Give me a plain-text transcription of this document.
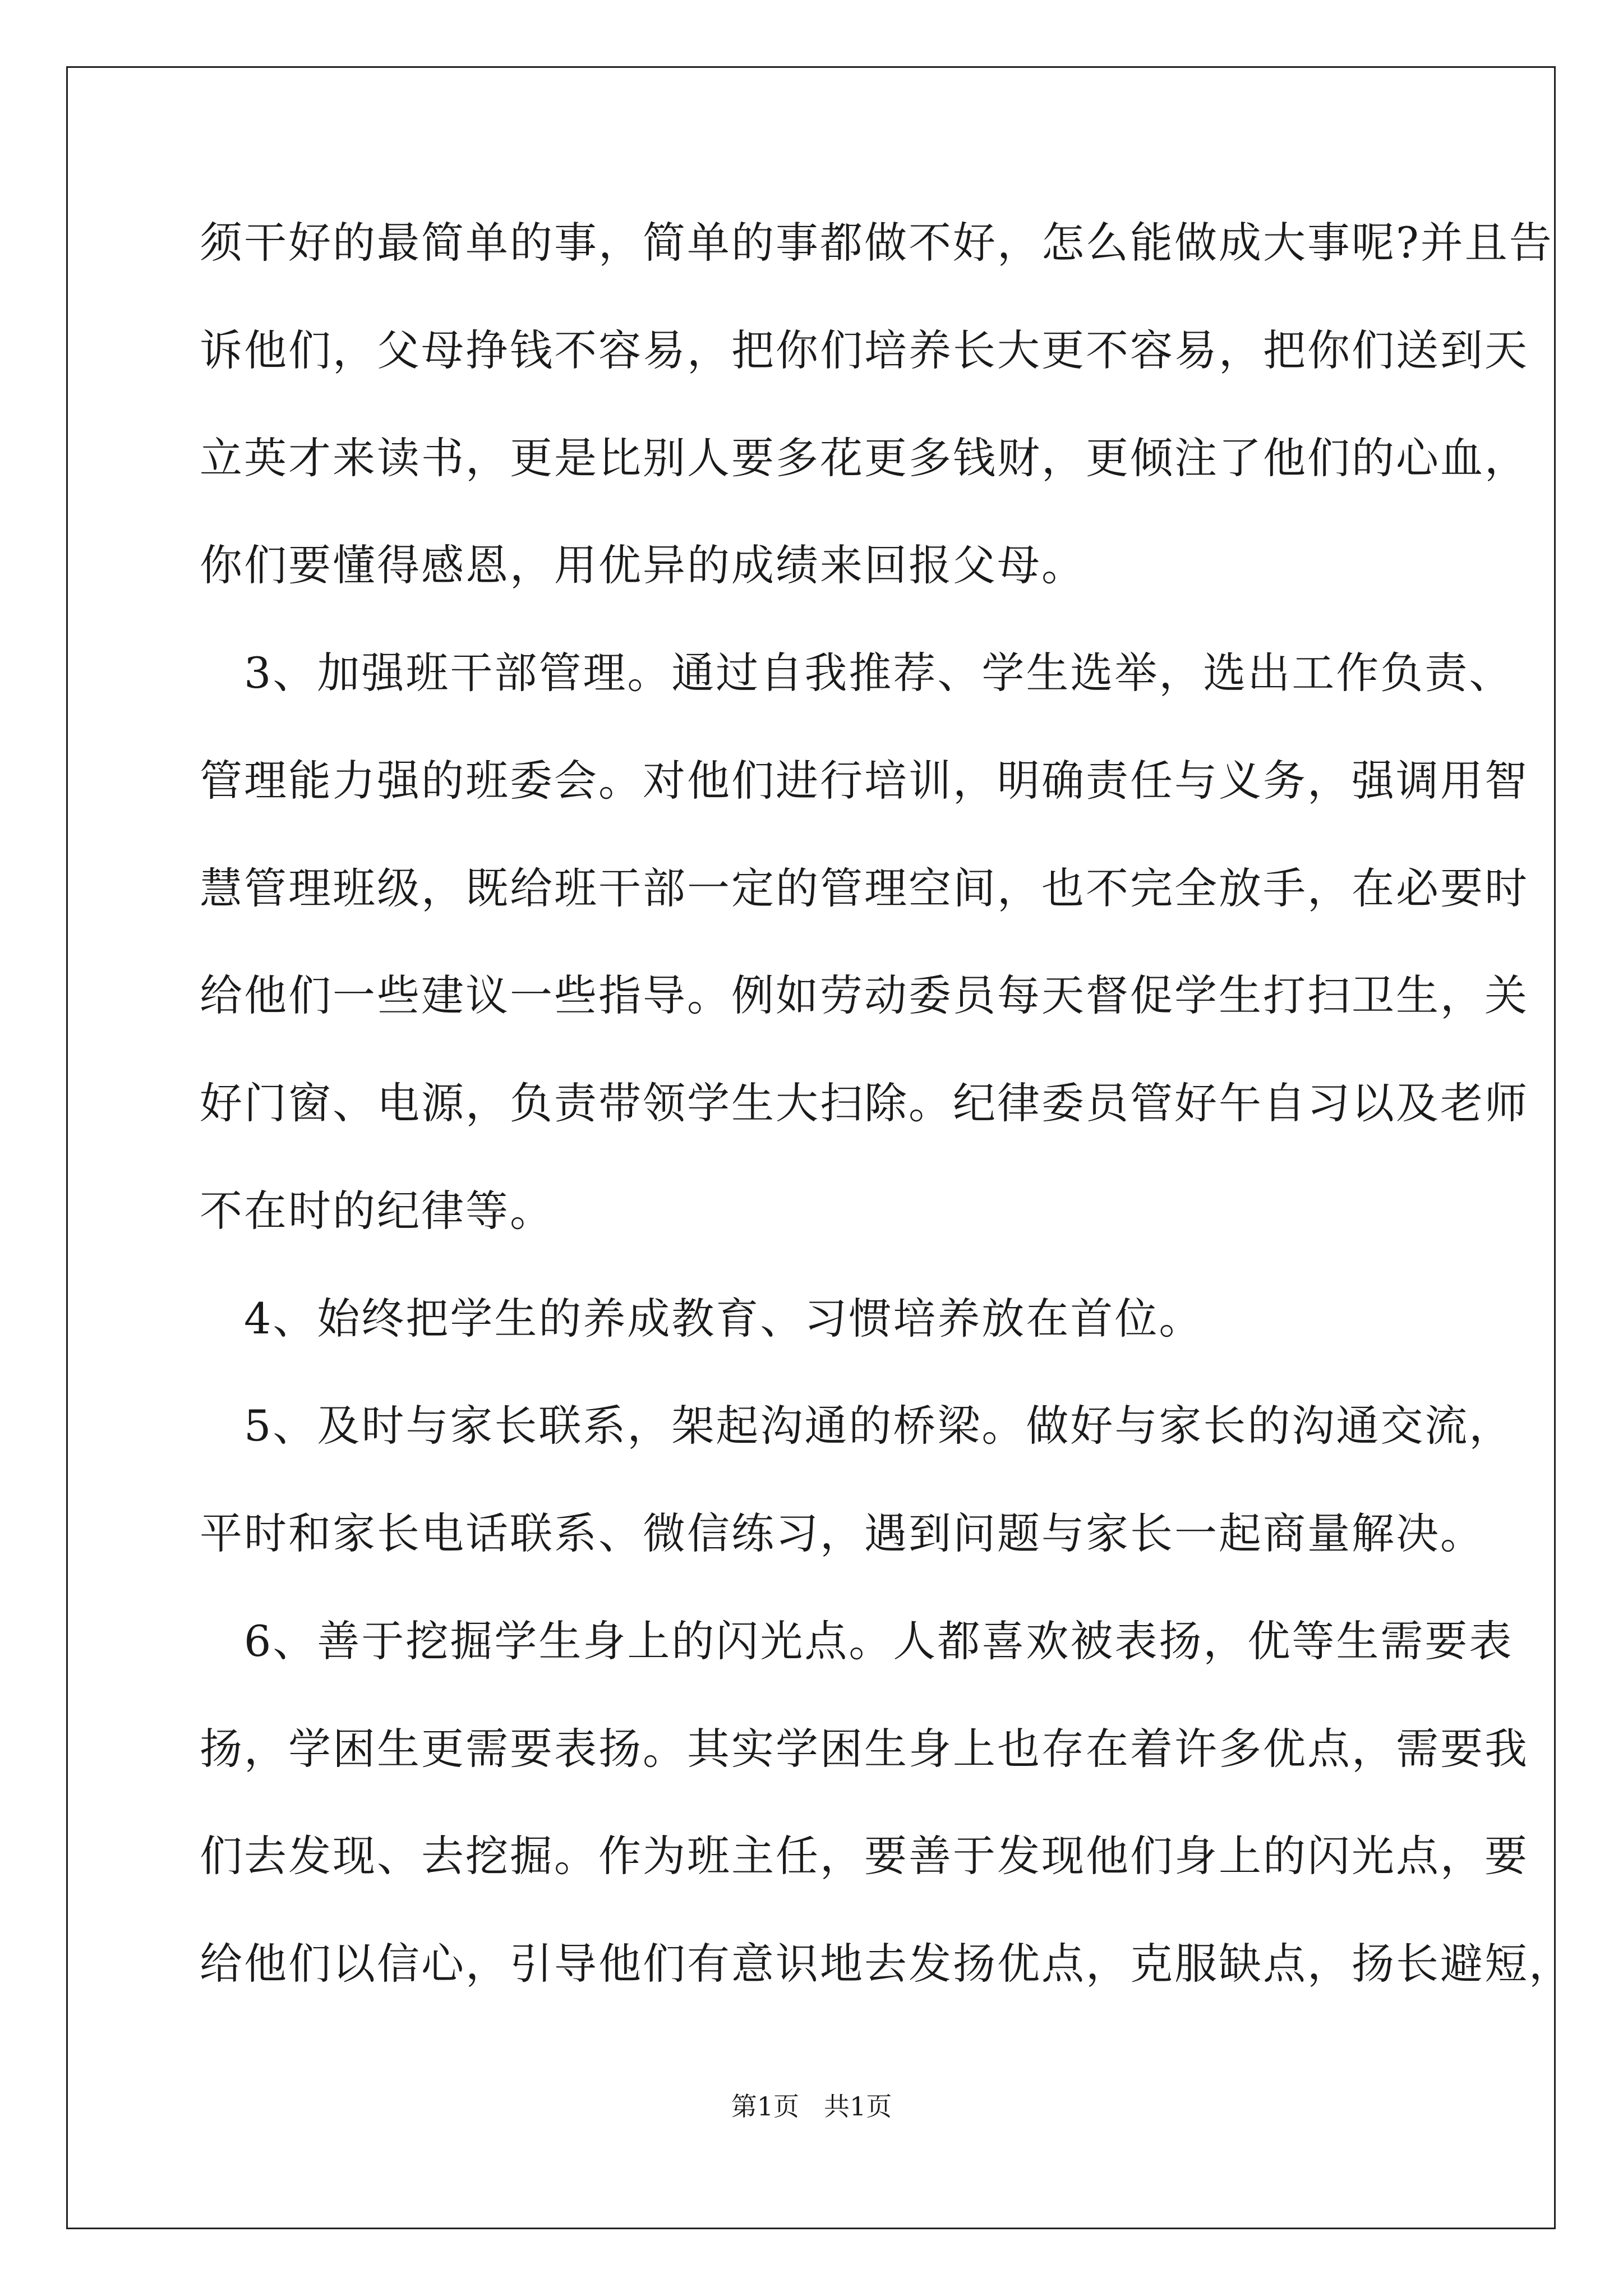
须干好的最简单的事，简单的事都做不好，怎么能做成大事呢?并且告
诉他们，父母挣钱不容易，把你们培养长大更不容易，把你们送到天
立英才来读书，更是比别人要多花更多钱财，更倾注了他们的心血，
你们要懂得感恩，用优异的成绩来回报父母。
　3、加强班干部管理。通过自我推荐、学生选举，选出工作负责、
管理能力强的班委会。对他们进行培训，明确责任与义务，强调用智
慧管理班级，既给班干部一定的管理空间，也不完全放手，在必要时
给他们一些建议一些指导。例如劳动委员每天督促学生打扫卫生，关
好门窗、电源，负责带领学生大扫除。纪律委员管好午自习以及老师
不在时的纪律等。
　4、始终把学生的养成教育、习惯培养放在首位。
　5、及时与家长联系，架起沟通的桥梁。做好与家长的沟通交流，
平时和家长电话联系、微信练习，遇到问题与家长一起商量解决。
　6、善于挖掘学生身上的闪光点。人都喜欢被表扬，优等生需要表
扬，学困生更需要表扬。其实学困生身上也存在着许多优点，需要我
们去发现、去挖掘。作为班主任，要善于发现他们身上的闪光点，要
给他们以信心，引导他们有意识地去发扬优点，克服缺点，扬长避短，
第1页 共1页
